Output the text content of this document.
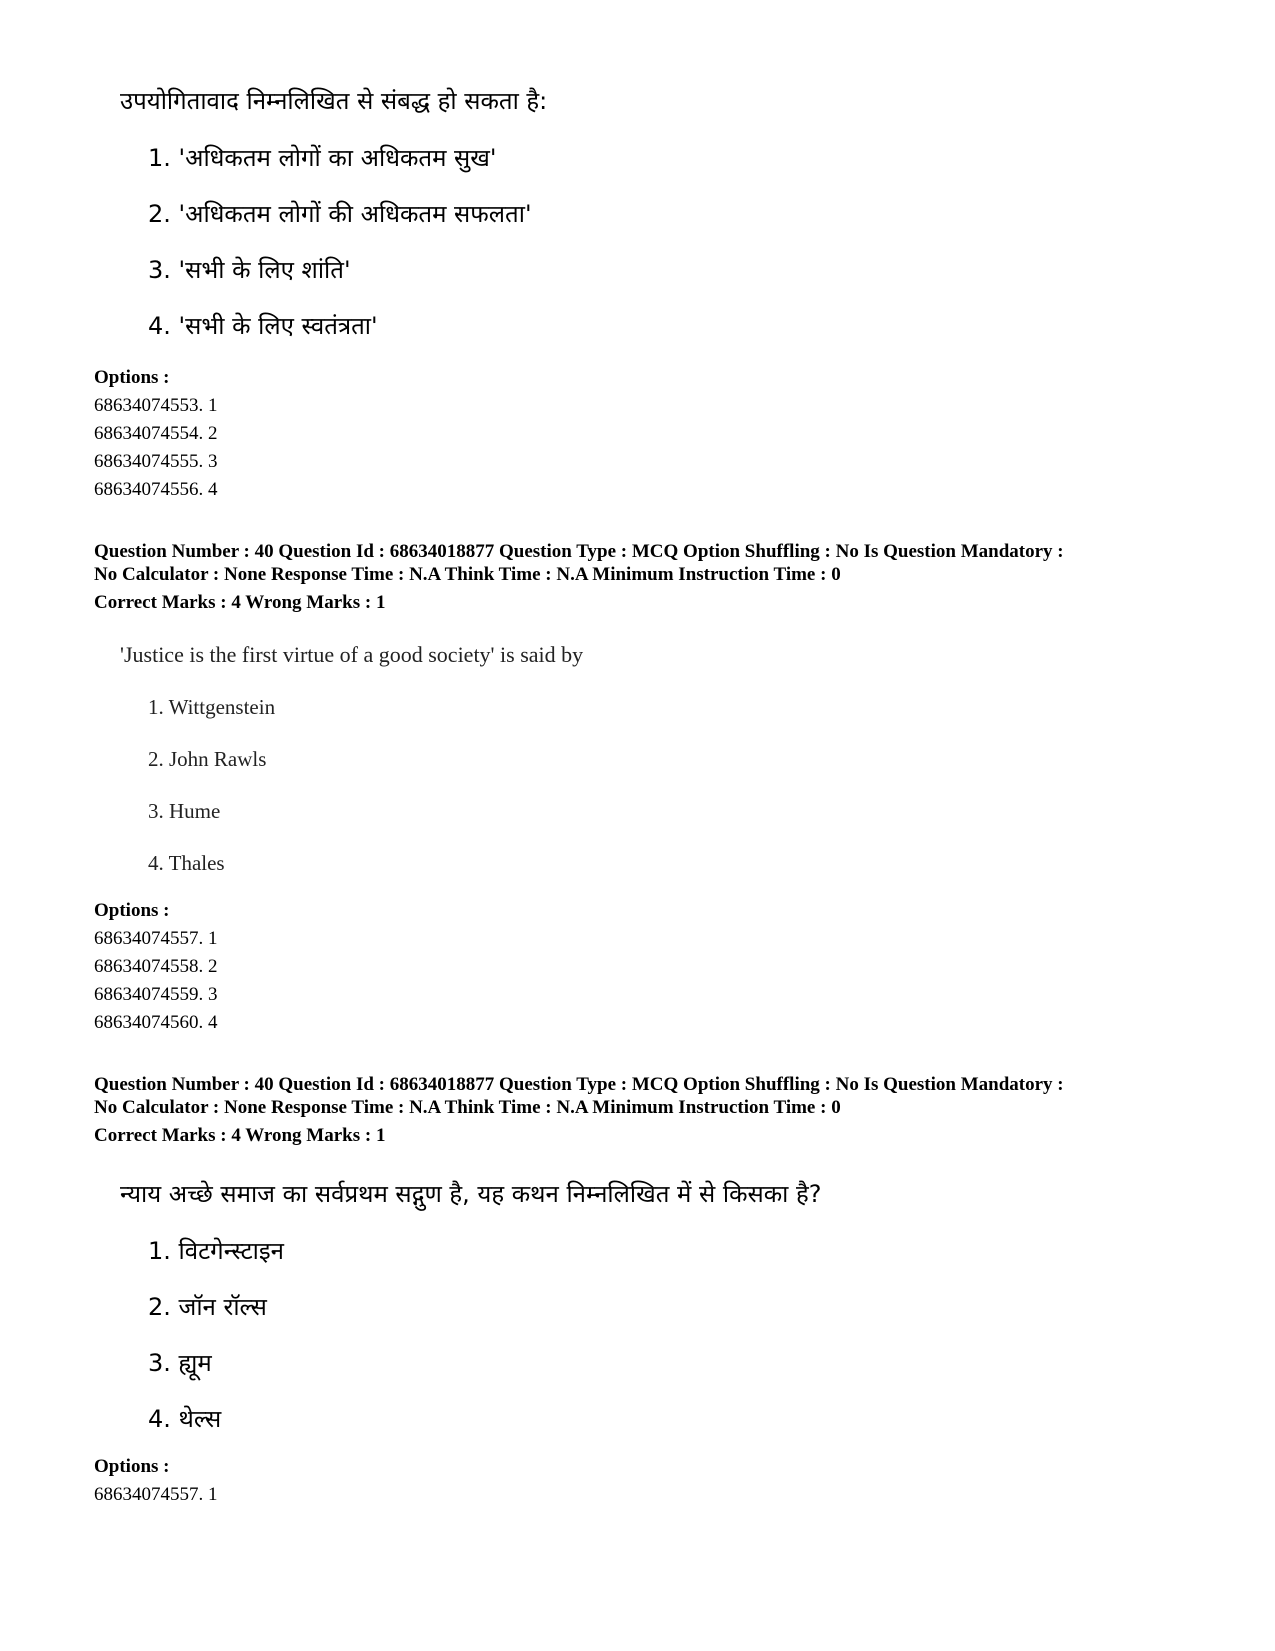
उपयोगितावाद निम्नलिखित से संबद्ध हो सकता है:
1. 'अधिकतम लोगों का अधिकतम सुख'
2. 'अधिकतम लोगों की अधिकतम सफलता'
3. 'सभी के लिए शांति'
4. 'सभी के लिए स्वतंत्रता'
Options :
68634074553. 1
68634074554. 2
68634074555. 3
68634074556. 4
Question Number : 40 Question Id : 68634018877 Question Type : MCQ Option Shuffling : No Is Question Mandatory :
No Calculator : None Response Time : N.A Think Time : N.A Minimum Instruction Time : 0
Correct Marks : 4 Wrong Marks : 1
'Justice is the first virtue of a good society' is said by
1. Wittgenstein
2. John Rawls
3. Hume
4. Thales
Options :
68634074557. 1
68634074558. 2
68634074559. 3
68634074560. 4
Question Number : 40 Question Id : 68634018877 Question Type : MCQ Option Shuffling : No Is Question Mandatory :
No Calculator : None Response Time : N.A Think Time : N.A Minimum Instruction Time : 0
Correct Marks : 4 Wrong Marks : 1
न्याय अच्छे समाज का सर्वप्रथम सद्गुण है, यह कथन निम्नलिखित में से किसका है?
1. विटगेन्स्टाइन
2. जॉन रॉल्स
3. ह्यूम
4. थेल्स
Options :
68634074557. 1
